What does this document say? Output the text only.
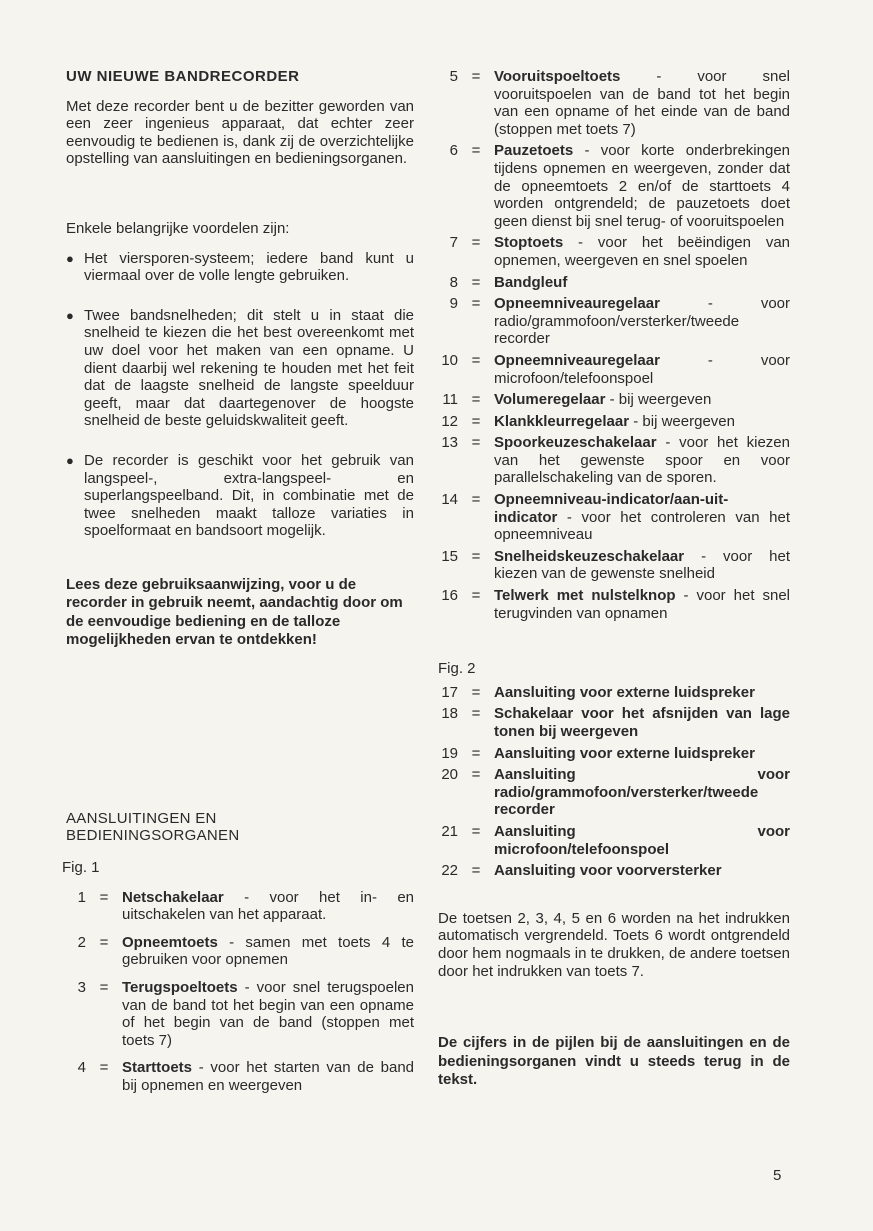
UW NIEUWE BANDRECORDER

Met deze recorder bent u de bezitter geworden van een zeer ingenieus apparaat, dat echter zeer eenvoudig te bedienen is, dank zij de overzichtelijke opstelling van aansluitingen en bedieningsorganen.

Enkele belangrijke voordelen zijn:

● Het viersporen-systeem; iedere band kunt u viermaal over de volle lengte gebruiken.
● Twee bandsnelheden; dit stelt u in staat die snelheid te kiezen die het best overeenkomt met uw doel voor het maken van een opname. U dient daarbij wel rekening te houden met het feit dat de laagste snelheid de langste speelduur geeft, maar dat daartegenover de hoogste snelheid de beste geluidskwaliteit geeft.
● De recorder is geschikt voor het gebruik van langspeel-, extra-langspeel- en superlangspeelband. Dit, in combinatie met de twee snelheden maakt talloze variaties in spoelformaat en bandsoort mogelijk.

Lees deze gebruiksaanwijzing, voor u de recorder in gebruik neemt, aandachtig door om de eenvoudige bediening en de talloze mogelijkheden ervan te ontdekken!

AANSLUITINGEN EN
BEDIENINGSORGANEN

Fig. 1

1 = Netschakelaar - voor het in- en uitschakelen van het apparaat.
2 = Opneemtoets - samen met toets 4 te gebruiken voor opnemen
3 = Terugspoeltoets - voor snel terugspoelen van de band tot het begin van een opname of het begin van de band (stoppen met toets 7)
4 = Starttoets - voor het starten van de band bij opnemen en weergeven
5 = Vooruitspoeltoets - voor snel vooruitspoelen van de band tot het begin van een opname of het einde van de band (stoppen met toets 7)
6 = Pauzetoets - voor korte onderbrekingen tijdens opnemen en weergeven, zonder dat de opneemtoets 2 en/of de starttoets 4 worden ontgrendeld; de pauzetoets doet geen dienst bij snel terug- of vooruitspoelen
7 = Stoptoets - voor het beëindigen van opnemen, weergeven en snel spoelen
8 = Bandgleuf
9 = Opneemniveauregelaar - voor radio/grammofoon/versterker/tweede recorder
10 = Opneemniveauregelaar - voor microfoon/telefoonspoel
11 = Volumeregelaar - bij weergeven
12 = Klankkleurregelaar - bij weergeven
13 = Spoorkeuzeschakelaar - voor het kiezen van het gewenste spoor en voor parallelschakeling van de sporen.
14 = Opneemniveau-indicator/aan-uit-indicator - voor het controleren van het opneemniveau
15 = Snelheidskeuzeschakelaar - voor het kiezen van de gewenste snelheid
16 = Telwerk met nulstelknop - voor het snel terugvinden van opnamen

Fig. 2

17 = Aansluiting voor externe luidspreker
18 = Schakelaar voor het afsnijden van lage tonen bij weergeven
19 = Aansluiting voor externe luidspreker
20 = Aansluiting voor radio/grammofoon/versterker/tweede recorder
21 = Aansluiting voor microfoon/telefoonspoel
22 = Aansluiting voor voorversterker

De toetsen 2, 3, 4, 5 en 6 worden na het indrukken automatisch vergrendeld. Toets 6 wordt ontgrendeld door hem nogmaals in te drukken, de andere toetsen door het indrukken van toets 7.

De cijfers in de pijlen bij de aansluitingen en de bedieningsorganen vindt u steeds terug in de tekst.

5
